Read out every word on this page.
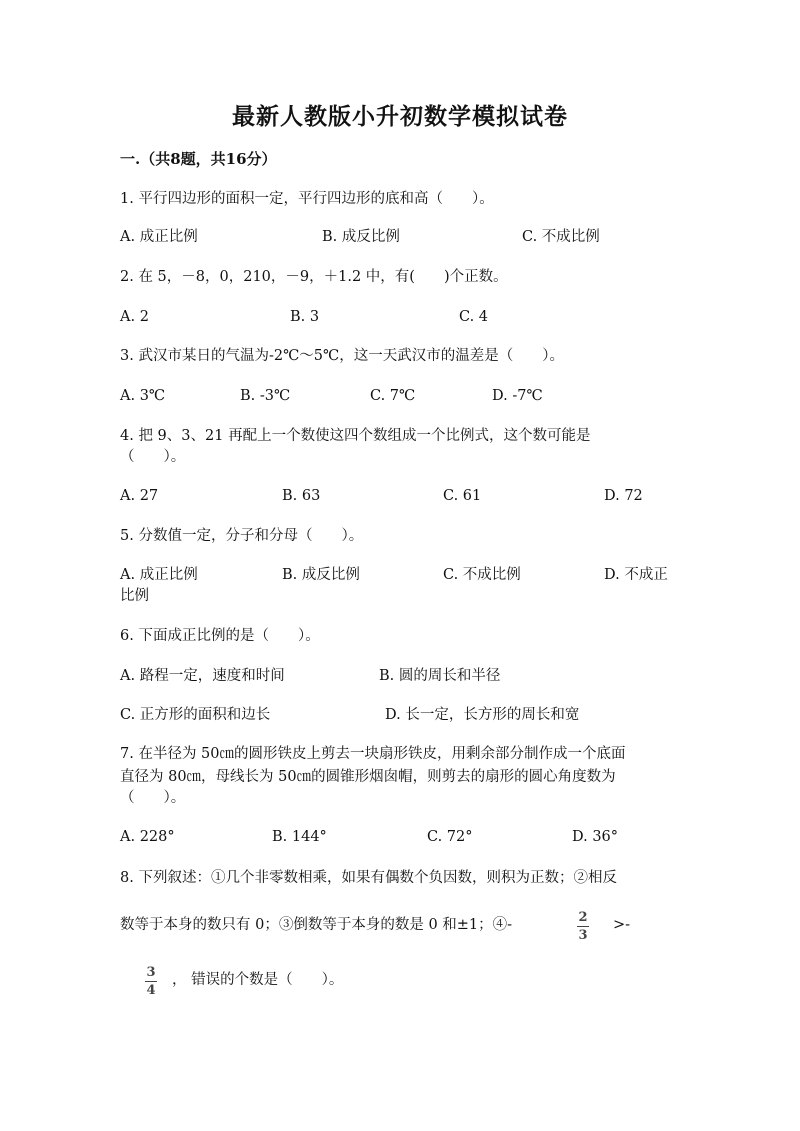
最新人教版小升初数学模拟试卷
一.（共8题，共16分）
1. 平行四边形的面积一定，平行四边形的底和高（　　）。
A. 成正比例	B. 成反比例	C. 不成比例
2. 在 5，－8，0，210，－9，＋1.2 中，有(　　)个正数。
A. 2	B. 3	C. 4
3. 武汉市某日的气温为-2℃～5℃，这一天武汉市的温差是（　　）。
A. 3℃	B. -3℃	C. 7℃	D. -7℃
4. 把 9、3、21 再配上一个数使这四个数组成一个比例式，这个数可能是
（　　）。
A. 27	B. 63	C. 61	D. 72
5. 分数值一定，分子和分母（　　）。
A. 成正比例	B. 成反比例	C. 不成比例	D. 不成正
比例
6. 下面成正比例的是（　　）。
A. 路程一定，速度和时间	B. 圆的周长和半径
C. 正方形的面积和边长	D. 长一定，长方形的周长和宽
7. 在半径为 50㎝的圆形铁皮上剪去一块扇形铁皮，用剩余部分制作成一个底面
直径为 80㎝，母线长为 50㎝的圆锥形烟囱帽，则剪去的扇形的圆心角度数为
（　　）。
A. 228°	B. 144°	C. 72°	D. 36°
8. 下列叙述：①几个非零数相乘，如果有偶数个负因数，则积为正数；②相反
数等于本身的数只有 0；③倒数等于本身的数是 0 和±1；④-	2
3
>-
3
4
， 错误的个数是（　　）。
